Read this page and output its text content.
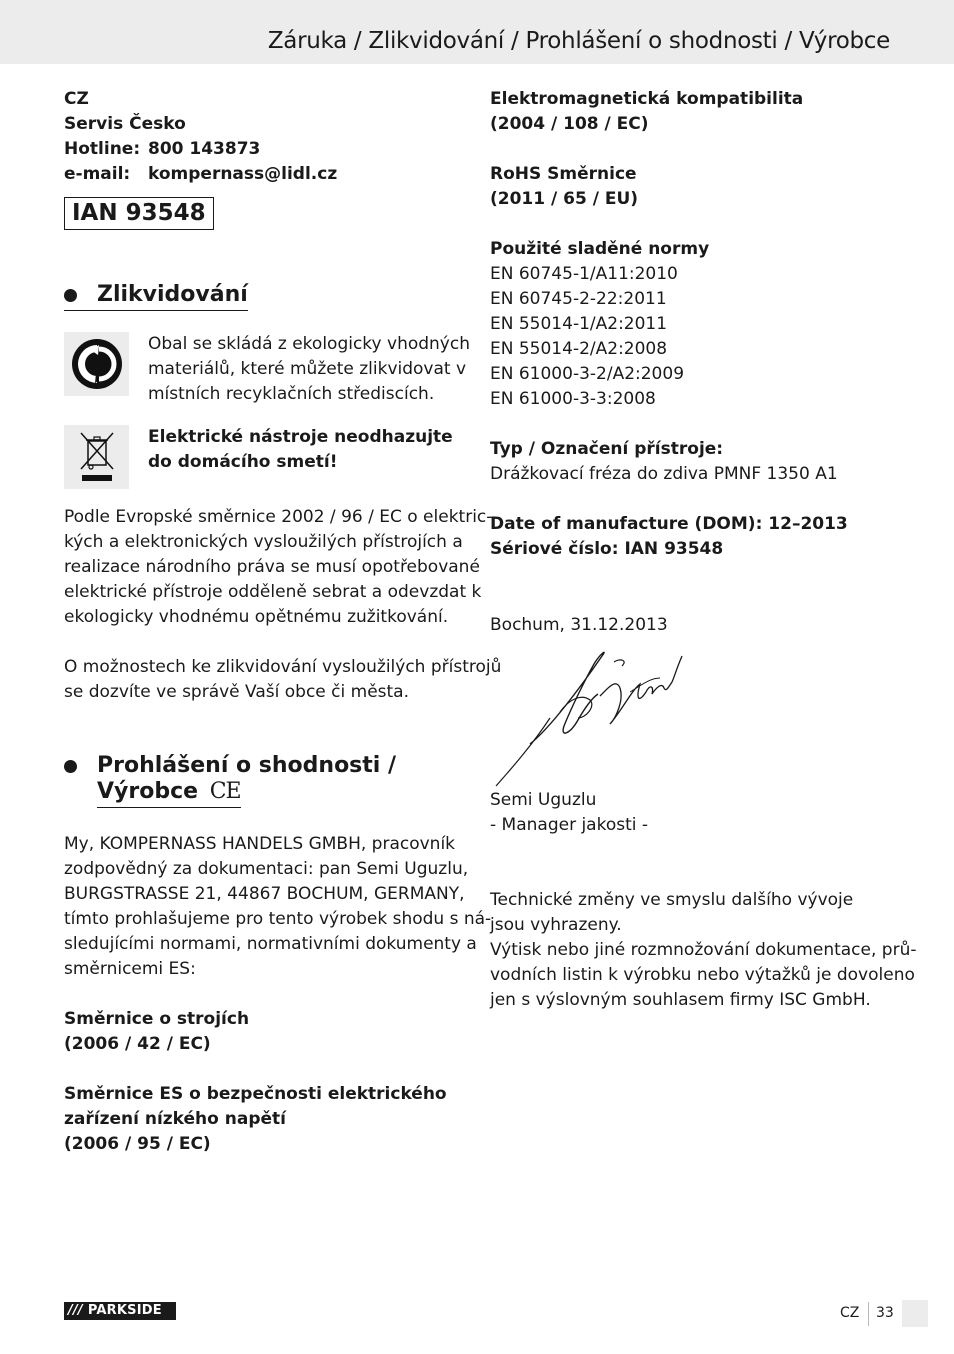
Záruka / Zlikvidování / Prohlášení o shodnosti / Výrobce
CZ
Servis Česko
Hotline: 800 143873
e-mail:	kompernass@lidl.cz
IAN 93548
Zlikvidování
Obal se skládá z ekologicky vhodných
materiálů, které můžete zlikvidovat v
místních recyklačních střediscích.
Elektrické nástroje neodhazujte
do domácího smetí!
Podle Evropské směrnice 2002 / 96 / EC o elektric-
kých a elektronických vysloužilých přístrojích a
realizace národního práva se musí opotřebované
elektrické přístroje odděleně sebrat a odevzdat k
ekologicky vhodnému opětnému zužitkování.
O možnostech ke zlikvidování vysloužilých přístrojů
se dozvíte ve správě Vaší obce či města.
Prohlášení o shodnosti /
Výrobce CE
My, KOMPERNASS HANDELS GMBH, pracovník
zodpovědný za dokumentaci: pan Semi Uguzlu,
BURGSTRASSE 21, 44867 BOCHUM, GERMANY,
tímto prohlašujeme pro tento výrobek shodu s ná-
sledujícími normami, normativními dokumenty a
směrnicemi ES:
Směrnice o strojích
(2006 / 42 / EC)
Směrnice ES o bezpečnosti elektrického
zařízení nízkého napětí
(2006 / 95 / EC)
Elektromagnetická kompatibilita
(2004 / 108 / EC)
RoHS Směrnice
(2011 / 65 / EU)
Použité sladěné normy
EN 60745-1/A11:2010
EN 60745-2-22:2011
EN 55014-1/A2:2011
EN 55014-2/A2:2008
EN 61000-3-2/A2:2009
EN 61000-3-3:2008
Typ / Označení přístroje:
Drážkovací fréza do zdiva PMNF 1350 A1
Date of manufacture (DOM): 12–2013
Sériové číslo: IAN 93548
Bochum, 31.12.2013
Semi Uguzlu
- Manager jakosti -
Technické změny ve smyslu dalšího vývoje
jsou vyhrazeny.
Výtisk nebo jiné rozmnožování dokumentace, prů-
vodních listin k výrobku nebo výtažků je dovoleno
jen s výslovným souhlasem firmy ISC GmbH.
/// PARKSIDE	CZ 33
